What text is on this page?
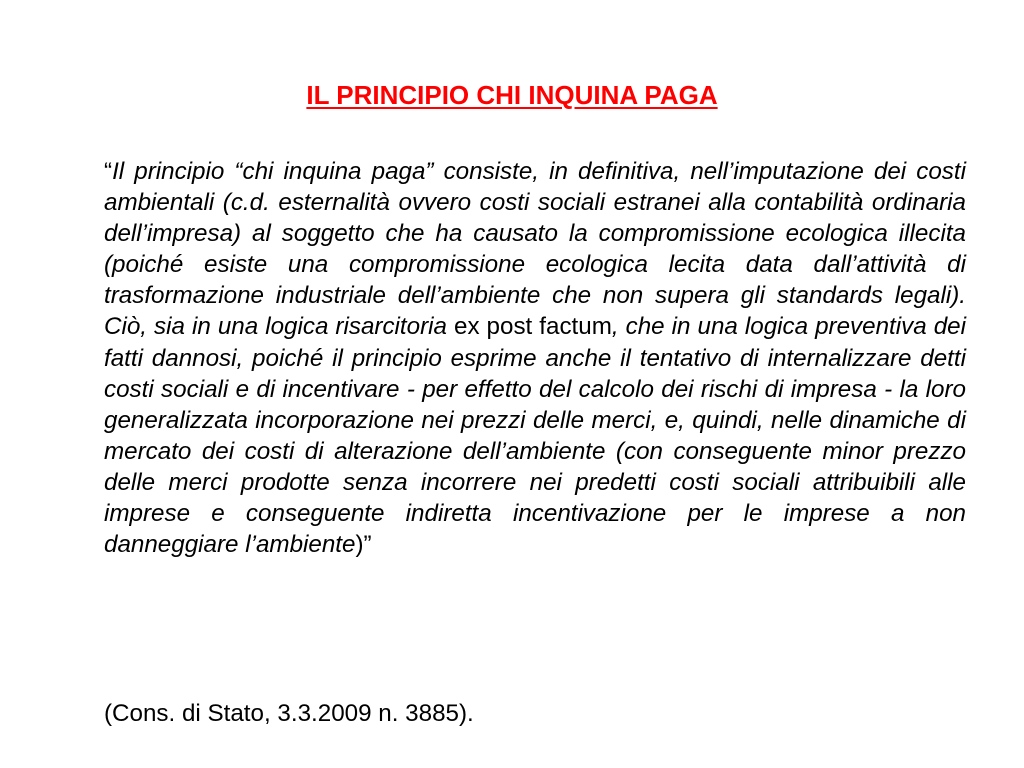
IL PRINCIPIO CHI INQUINA PAGA

“Il principio “chi inquina paga” consiste, in definitiva, nell’imputazione dei costi ambientali (c.d. esternalità ovvero costi sociali estranei alla contabilità ordinaria dell’impresa) al soggetto che ha causato la compromissione ecologica illecita (poiché esiste una compromissione ecologica lecita data dall’attività di trasformazione industriale dell’ambiente che non supera gli standards legali). Ciò, sia in una logica risarcitoria ex post factum, che in una logica preventiva dei fatti dannosi, poiché il principio esprime anche il tentativo di internalizzare detti costi sociali e di incentivare - per effetto del calcolo dei rischi di impresa - la loro generalizzata incorporazione nei prezzi delle merci, e, quindi, nelle dinamiche di mercato dei costi di alterazione dell’ambiente (con conseguente minor prezzo delle merci prodotte senza incorrere nei predetti costi sociali attribuibili alle imprese e conseguente indiretta incentivazione per le imprese a non danneggiare l’ambiente)”

(Cons. di Stato, 3.3.2009 n. 3885).
